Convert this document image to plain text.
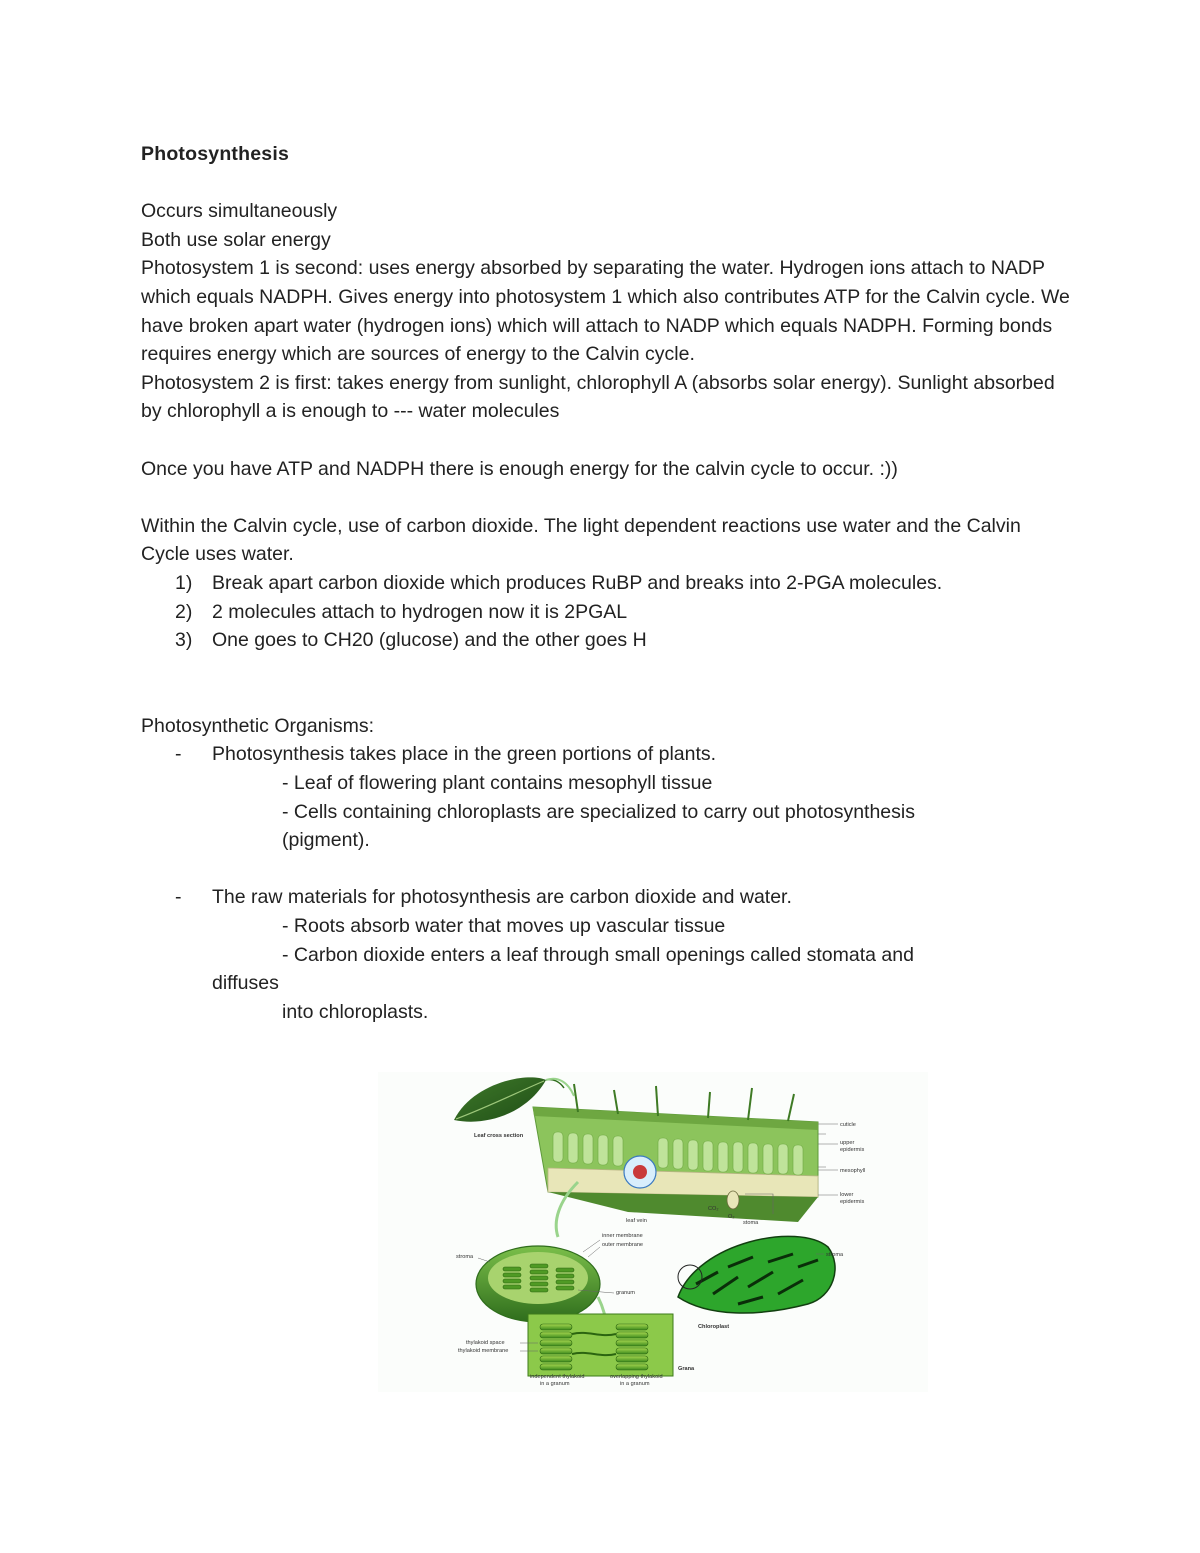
Photosynthesis

Occurs simultaneously

Both use solar energy

Photosystem 1 is second: uses energy absorbed by separating the water. Hydrogen ions attach to NADP which equals NADPH. Gives energy into photosystem 1 which also contributes ATP for the Calvin cycle. We have broken apart water (hydrogen ions) which will attach to NADP which equals NADPH. Forming bonds requires energy which are sources of energy to the Calvin cycle.

Photosystem 2 is first: takes energy from sunlight, chlorophyll A (absorbs solar energy). Sunlight absorbed by chlorophyll a is enough to --- water molecules

Once you have ATP and NADPH there is enough energy for the calvin cycle to occur. :))

Within the Calvin cycle, use of carbon dioxide. The light dependent reactions use water and the Calvin Cycle uses water.

1) Break apart carbon dioxide which produces RuBP and breaks into 2-PGA molecules.
2) 2 molecules attach to hydrogen now it is 2PGAL
3) One goes to CH20 (glucose) and the other goes H

Photosynthetic Organisms:

- Photosynthesis takes place in the green portions of plants.

- Leaf of flowering plant contains mesophyll tissue

- Cells containing chloroplasts are specialized to carry out photosynthesis

(pigment).

- The raw materials for photosynthesis are carbon dioxide and water.

- Roots absorb water that moves up vascular tissue

- Carbon dioxide enters a leaf through small openings called stomata and

diffuses

into chloroplasts.

Leaf cross section
cuticle
upper
epidermis
mesophyll
lower
epidermis
CO₂
O₂
stoma
leaf vein
inner membrane
outer membrane
stroma
granum
stroma
Chloroplast
thylakoid space
thylakoid membrane
Grana
independent thylakoid
in a granum
overlapping thylakoid
in a granum
